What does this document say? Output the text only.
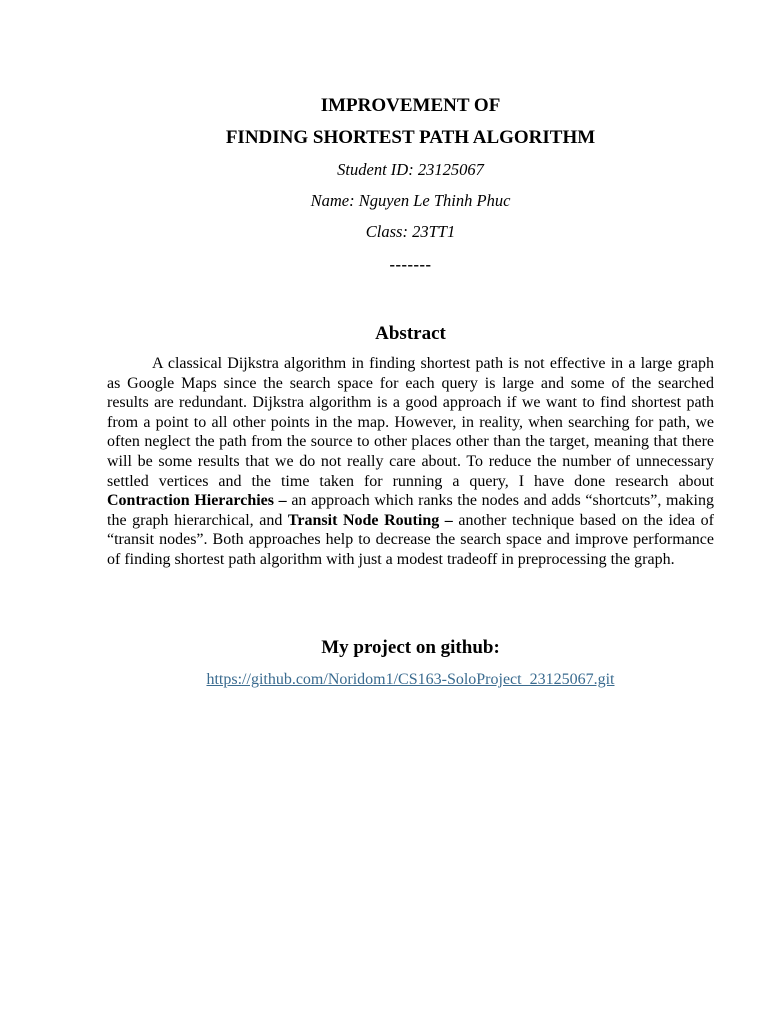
IMPROVEMENT OF

FINDING SHORTEST PATH ALGORITHM

Student ID: 23125067

Name: Nguyen Le Thinh Phuc

Class: 23TT1

-------

Abstract

A classical Dijkstra algorithm in finding shortest path is not effective in a large graph as Google Maps since the search space for each query is large and some of the searched results are redundant. Dijkstra algorithm is a good approach if we want to find shortest path from a point to all other points in the map. However, in reality, when searching for path, we often neglect the path from the source to other places other than the target, meaning that there will be some results that we do not really care about. To reduce the number of unnecessary settled vertices and the time taken for running a query, I have done research about Contraction Hierarchies – an approach which ranks the nodes and adds “shortcuts”, making the graph hierarchical, and Transit Node Routing – another technique based on the idea of “transit nodes”. Both approaches help to decrease the search space and improve performance of finding shortest path algorithm with just a modest tradeoff in preprocessing the graph.

My project on github:

https://github.com/Noridom1/CS163-SoloProject_23125067.git
